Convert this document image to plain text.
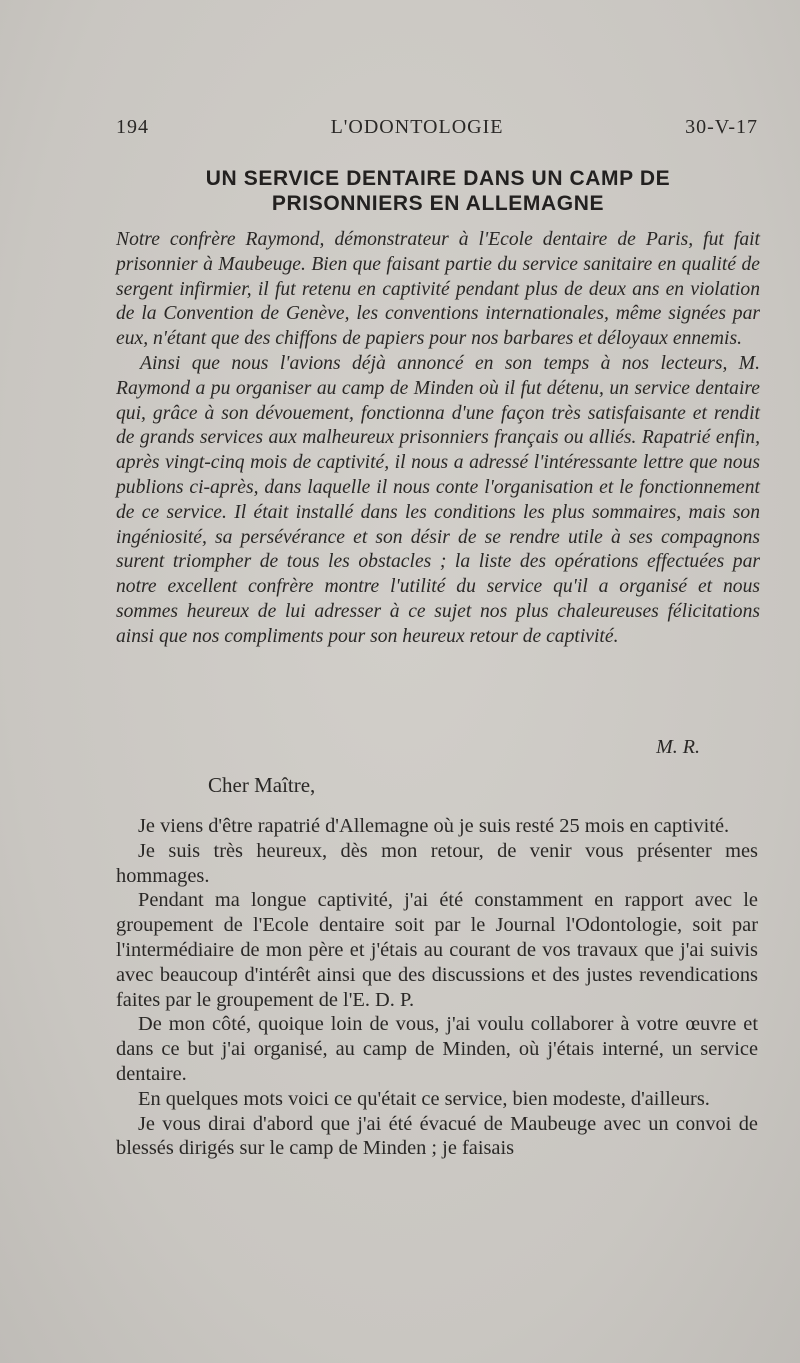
194	L'ODONTOLOGIE	30-V-17
UN SERVICE DENTAIRE DANS UN CAMP DE
PRISONNIERS EN ALLEMAGNE

Notre confrère Raymond, démonstrateur à l'Ecole dentaire de Paris, fut fait prisonnier à Maubeuge. Bien que faisant partie du service sanitaire en qualité de sergent infirmier, il fut retenu en captivité pendant plus de deux ans en violation de la Convention de Genève, les conventions internationales, même signées par eux, n'étant que des chiffons de papiers pour nos barbares et déloyaux ennemis.

Ainsi que nous l'avions déjà annoncé en son temps à nos lecteurs, M. Raymond a pu organiser au camp de Minden où il fut détenu, un service dentaire qui, grâce à son dévouement, fonctionna d'une façon très satisfaisante et rendit de grands services aux malheureux prisonniers français ou alliés. Rapatrié enfin, après vingt-cinq mois de captivité, il nous a adressé l'intéressante lettre que nous publions ci-après, dans laquelle il nous conte l'organisation et le fonctionnement de ce service. Il était installé dans les conditions les plus sommaires, mais son ingéniosité, sa persévérance et son désir de se rendre utile à ses compagnons surent triompher de tous les obstacles ; la liste des opérations effectuées par notre excellent confrère montre l'utilité du service qu'il a organisé et nous sommes heureux de lui adresser à ce sujet nos plus chaleureuses félicitations ainsi que nos compliments pour son heureux retour de captivité.

M. R.
Cher Maître,

Je viens d'être rapatrié d'Allemagne où je suis resté 25 mois en captivité.

Je suis très heureux, dès mon retour, de venir vous présenter mes hommages.

Pendant ma longue captivité, j'ai été constamment en rapport avec le groupement de l'Ecole dentaire soit par le Journal l'Odontologie, soit par l'intermédiaire de mon père et j'étais au courant de vos travaux que j'ai suivis avec beaucoup d'intérêt ainsi que des discussions et des justes revendications faites par le groupement de l'E. D. P.

De mon côté, quoique loin de vous, j'ai voulu collaborer à votre œuvre et dans ce but j'ai organisé, au camp de Minden, où j'étais interné, un service dentaire.

En quelques mots voici ce qu'était ce service, bien modeste, d'ailleurs.

Je vous dirai d'abord que j'ai été évacué de Maubeuge avec un convoi de blessés dirigés sur le camp de Minden ; je faisais
